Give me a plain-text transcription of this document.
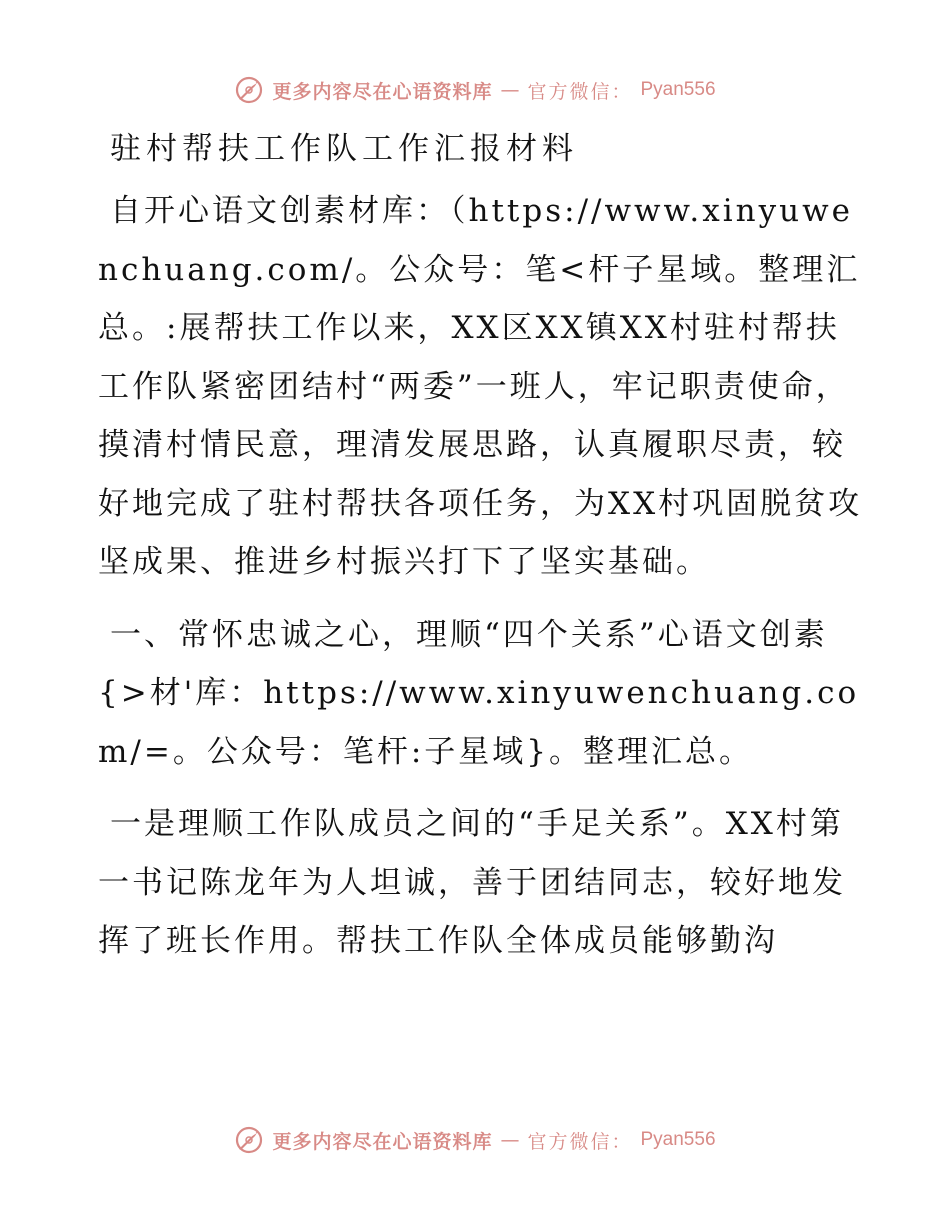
更多内容尽在心语资料库 — 官方微信： Pyan556
驻村帮扶工作队工作汇报材料

自开心语文创素材库：（https://www.xinyuwenchuang.com/。公众号：笔<杆子星域。整理汇总。:展帮扶工作以来，XX区XX镇XX村驻村帮扶工作队紧密团结村“两委”一班人，牢记职责使命，摸清村情民意，理清发展思路，认真履职尽责，较好地完成了驻村帮扶各项任务，为XX村巩固脱贫攻坚成果、推进乡村振兴打下了坚实基础。

一、常怀忠诚之心，理顺“四个关系”心语文创素{>材'库：https://www.xinyuwenchuang.com/=。公众号：笔杆:子星域}。整理汇总。

一是理顺工作队成员之间的“手足关系”。XX村第一书记陈龙年为人坦诚，善于团结同志，较好地发挥了班长作用。帮扶工作队全体成员能够勤沟

更多内容尽在心语资料库 — 官方微信： Pyan556
